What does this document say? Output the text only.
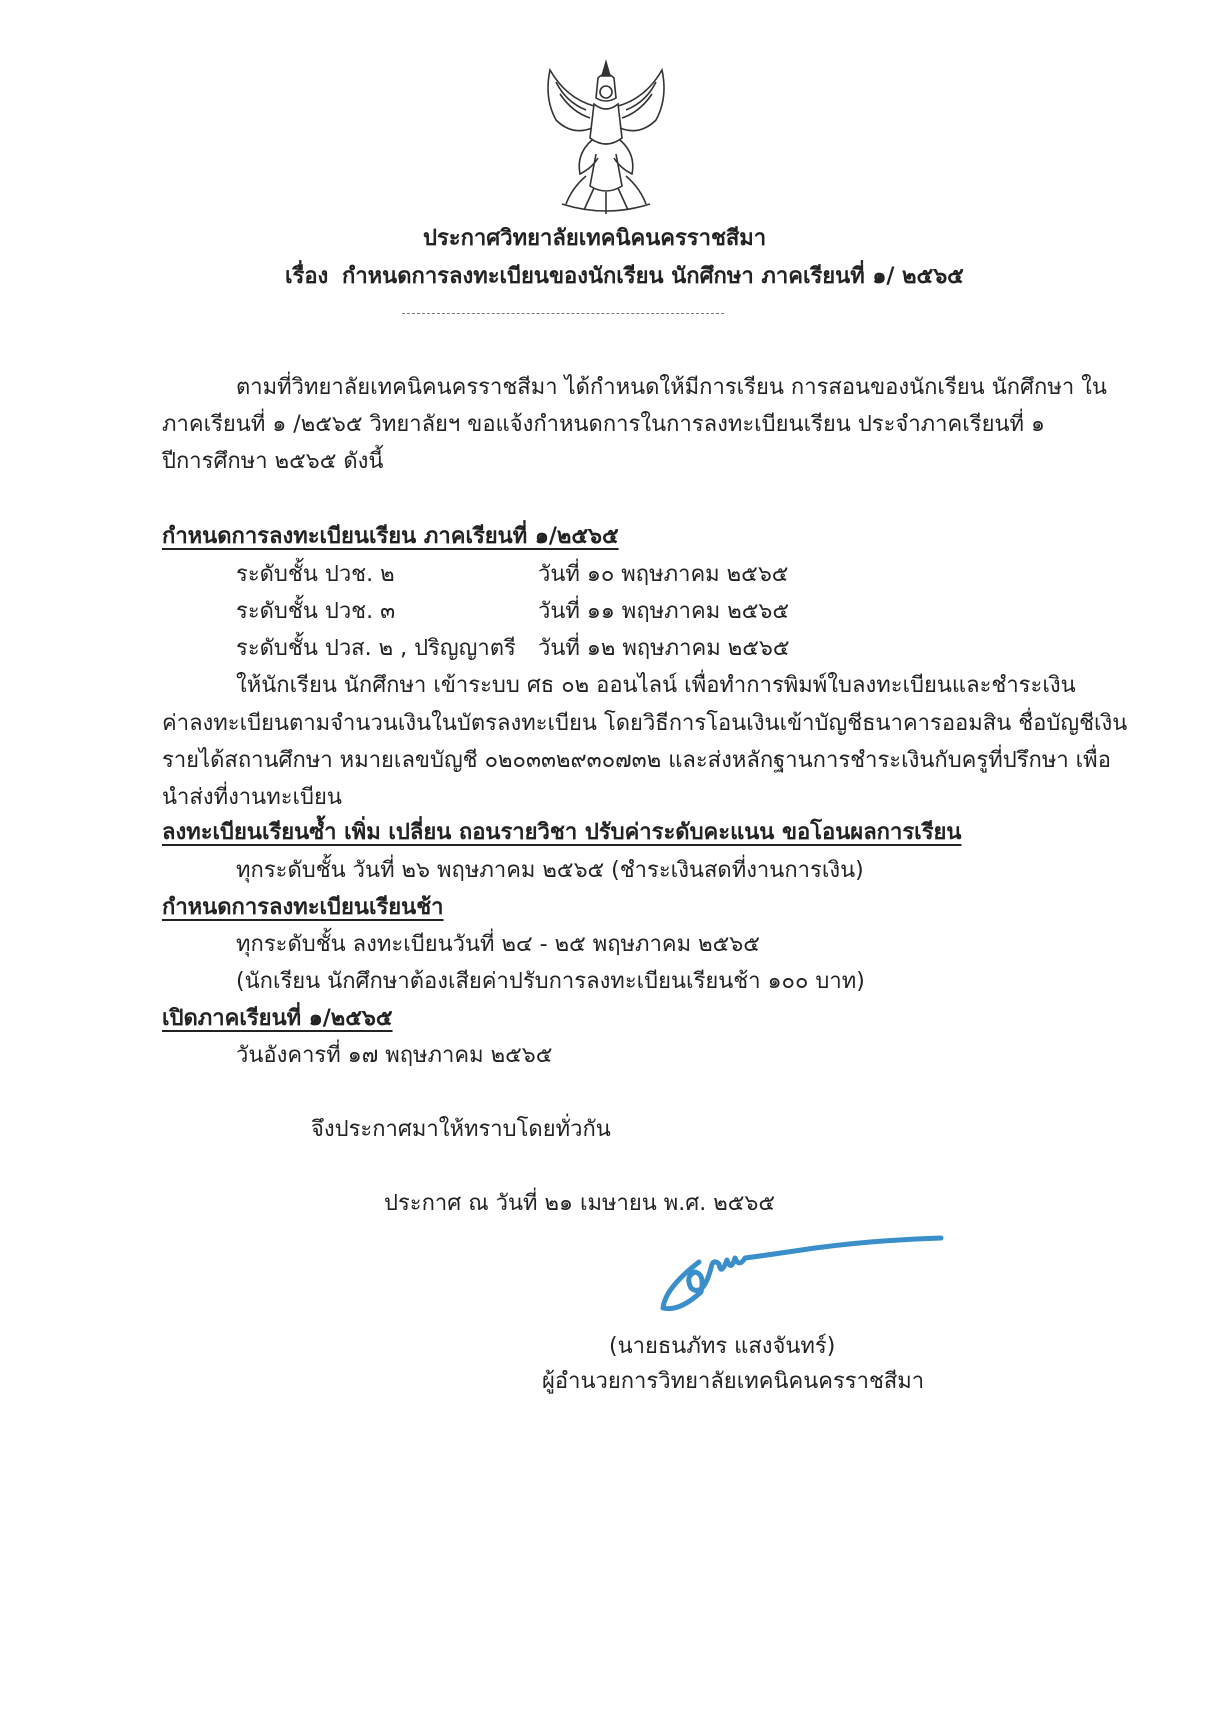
ประกาศวิทยาลัยเทคนิคนครราชสีมา
เรื่อง กำหนดการลงทะเบียนของนักเรียน นักศึกษา ภาคเรียนที่ ๑/ ๒๕๖๕
ตามที่วิทยาลัยเทคนิคนครราชสีมา ได้กำหนดให้มีการเรียน การสอนของนักเรียน นักศึกษา ใน
ภาคเรียนที่ ๑ /๒๕๖๕ วิทยาลัยฯ ขอแจ้งกำหนดการในการลงทะเบียนเรียน ประจำภาคเรียนที่ ๑
ปีการศึกษา ๒๕๖๕ ดังนี้
กำหนดการลงทะเบียนเรียน ภาคเรียนที่ ๑/๒๕๖๕
ระดับชั้น ปวช. ๒	วันที่ ๑๐ พฤษภาคม ๒๕๖๕
ระดับชั้น ปวช. ๓	วันที่ ๑๑ พฤษภาคม ๒๕๖๕
ระดับชั้น ปวส. ๒ , ปริญญาตรี วันที่ ๑๒ พฤษภาคม ๒๕๖๕
ให้นักเรียน นักศึกษา เข้าระบบ ศธ ๐๒ ออนไลน์ เพื่อทำการพิมพ์ใบลงทะเบียนและชำระเงิน
ค่าลงทะเบียนตามจำนวนเงินในบัตรลงทะเบียน โดยวิธีการโอนเงินเข้าบัญชีธนาคารออมสิน ชื่อบัญชีเงิน
รายได้สถานศึกษา หมายเลขบัญชี ๐๒๐๓๓๒๙๓๐๗๓๒ และส่งหลักฐานการชำระเงินกับครูที่ปรึกษา เพื่อ
นำส่งที่งานทะเบียน
ลงทะเบียนเรียนซ้ำ เพิ่ม เปลี่ยน ถอนรายวิชา ปรับค่าระดับคะแนน ขอโอนผลการเรียน
ทุกระดับชั้น วันที่ ๒๖ พฤษภาคม ๒๕๖๕ (ชำระเงินสดที่งานการเงิน)
กำหนดการลงทะเบียนเรียนช้า
ทุกระดับชั้น ลงทะเบียนวันที่ ๒๔ - ๒๕ พฤษภาคม ๒๕๖๕
(นักเรียน นักศึกษาต้องเสียค่าปรับการลงทะเบียนเรียนช้า ๑๐๐ บาท)
เปิดภาคเรียนที่ ๑/๒๕๖๕
วันอังคารที่ ๑๗ พฤษภาคม ๒๕๖๕
จึงประกาศมาให้ทราบโดยทั่วกัน
ประกาศ ณ วันที่ ๒๑ เมษายน พ.ศ. ๒๕๖๕
(นายธนภัทร แสงจันทร์)
ผู้อำนวยการวิทยาลัยเทคนิคนครราชสีมา
